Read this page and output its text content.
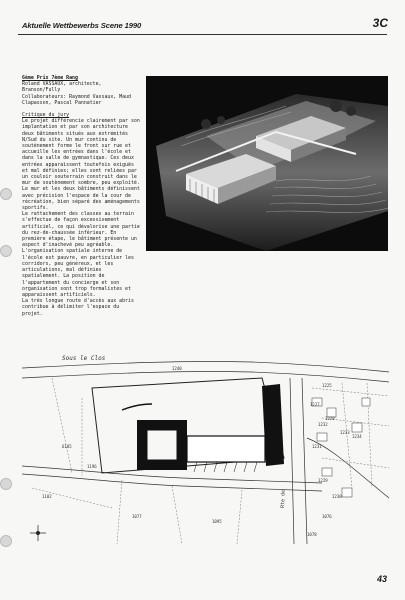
Aktuelle Wettbewerbs Scene 1990	3C

6ème Prix 7ème Rang

Roland VASSAUX, architecte,
Branson/Fully
Collaborateurs: Raymond Vassaux, Maud
Clapasson, Pascal Pannatier

Critique du jury

Le projet différencie clairement par son
implantation et par son architecture
deux bâtiments situés aux extrémités
N/Sud du site. Un mur continu de
soutènement forme le front sur rue et
accueille les entrées dans l'école et
dans la salle de gymnastique. Ces deux
entrées apparaissent toutefois exiguës
et mal définies; elles sont reliées par
un couloir souterrain construit dans le
mur de soutènement sombre, peu exploité.
Le mur et les deux bâtiments définissent
avec précision l'espace de la cour de
récréation, bien séparé des aménagements
sportifs.
Le rattachement des classes au terrain
s'effectue de façon excessivement
artificiel, ce qui dévalorise une partie
du rez-de-chaussée inférieur. En
première étape, le bâtiment présente un
aspect d'inachevé peu agréable.
L'organisation spatiale interne de
l'école est pauvre, en particulier les
corridors, peu généreux, et les
articulations, mal définies
spatialement. La position de
l'appartement du concierge et son
organisation sont trop formalistes et
apparaissent artificiels.
La très longue route d'accès aux abris
contribue à délimiter l'espace du
projet.

Sous le Clos
1240
1225
1227
1228
1232
1233
1231
1234
1229
1230
1076
1078
1182
1077
1095
6185
1196
Rte de
43
